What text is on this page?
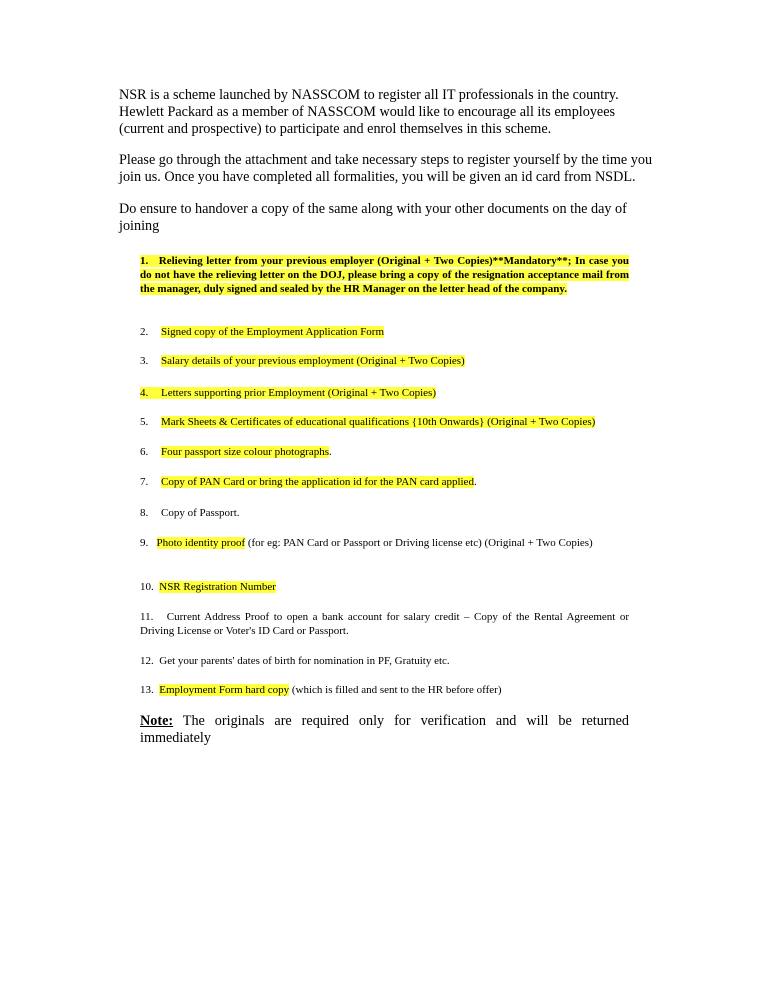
NSR is a scheme launched by NASSCOM to register all IT professionals in the country. Hewlett Packard as a member of NASSCOM would like to encourage all its employees (current and prospective) to participate and enrol themselves in this scheme.

Please go through the attachment and take necessary steps to register yourself by the time you join us. Once you have completed all formalities, you will be given an id card from NSDL.

Do ensure to handover a copy of the same along with your other documents on the day of joining

1. Relieving letter from your previous employer (Original + Two Copies)**Mandatory**; In case you do not have the relieving letter on the DOJ, please bring a copy of the resignation acceptance mail from the manager, duly signed and sealed by the HR Manager on the letter head of the company.

2. Signed copy of the Employment Application Form

3. Salary details of your previous employment (Original + Two Copies)

4. Letters supporting prior Employment (Original + Two Copies)

5. Mark Sheets & Certificates of educational qualifications {10th Onwards} (Original + Two Copies)

6. Four passport size colour photographs.

7. Copy of PAN Card or bring the application id for the PAN card applied.

8. Copy of Passport.

9. Photo identity proof (for eg: PAN Card or Passport or Driving license etc) (Original + Two Copies)

10. NSR Registration Number

11. Current Address Proof to open a bank account for salary credit – Copy of the Rental Agreement or Driving License or Voter's ID Card or Passport.

12. Get your parents' dates of birth for nomination in PF, Gratuity etc.

13. Employment Form hard copy (which is filled and sent to the HR before offer)

Note: The originals are required only for verification and will be returned immediately
